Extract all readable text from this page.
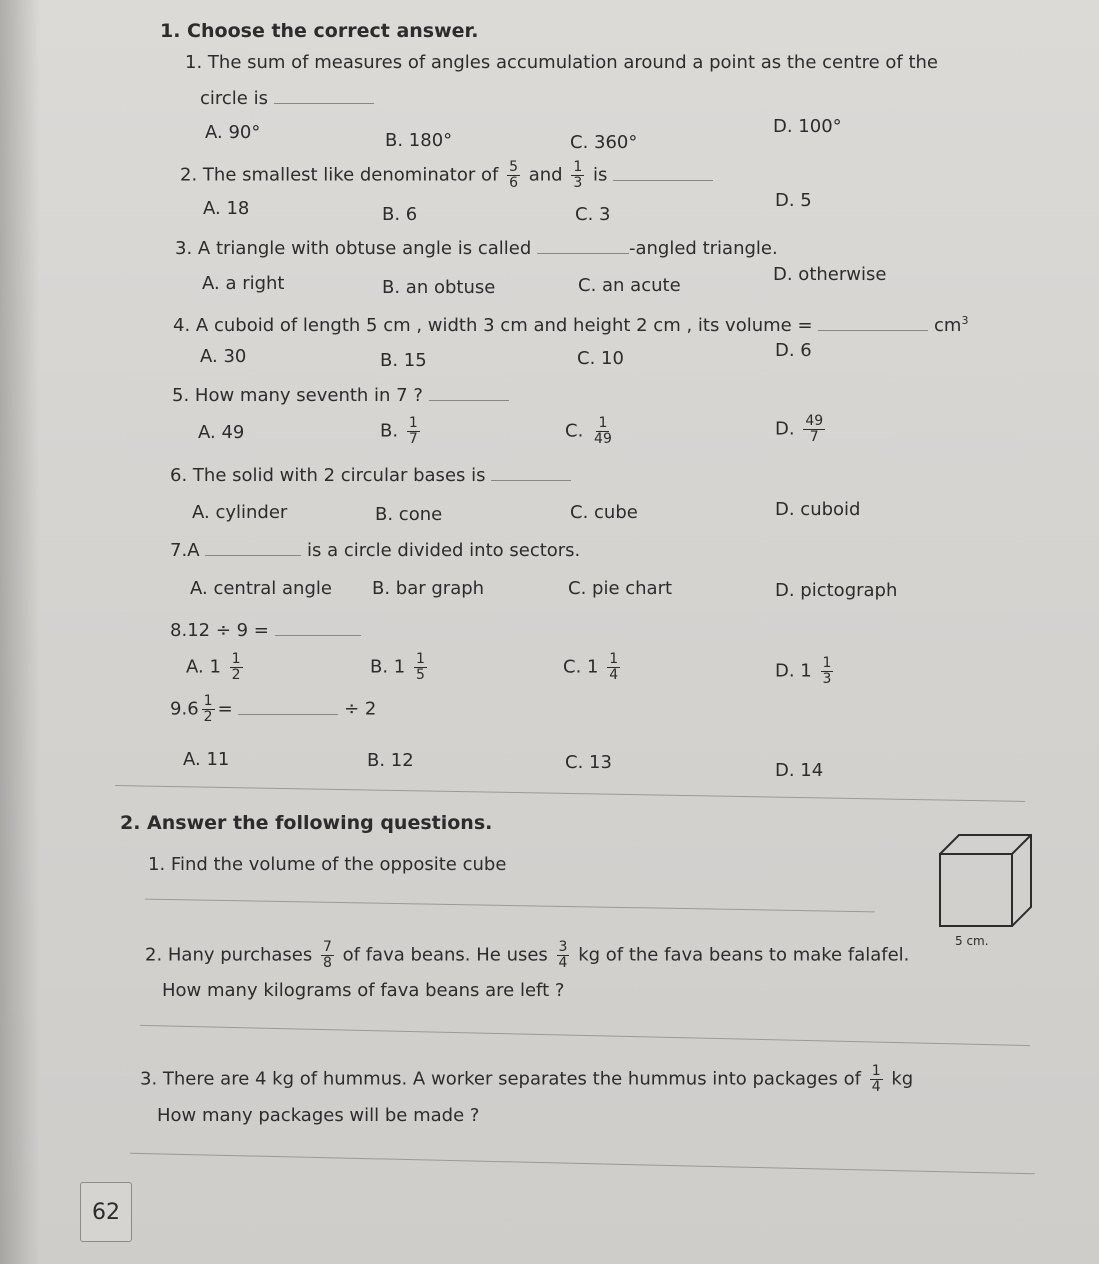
1. Choose the correct answer.
1. The sum of measures of angles accumulation around a point as the centre of the
circle is
A. 90°	B. 180°	C. 360°
D. 100°
2. The smallest like denominator of $\frac{5}{6}$ and $\frac{1}{3}$ is
A. 18	B. 6	C. 3
D. 5
3. A triangle with obtuse angle is called	-angled triangle.
A. a right	B. an obtuse	C. an acute
D. otherwise
4. A cuboid of length 5 cm , width 3 cm and height 2 cm , its volume =	$cm^3$
A. 30	B. 15	C. 10	D. 6
5. How many seventh in 7 ?
A. 49	B. $\frac{1}{7}$	C. $\frac{1}{49}$	D. $\frac{49}{7}$
6. The solid with 2 circular bases is
A. cylinder	B. cone	C. cube	D. cuboid
7.A	is a circle divided into sectors.
A. central angle B. bar graph	C. pie chart	D. pictograph
8.12 ÷ 9 =
A. $1 \frac{1}{2}$	B. $1 \frac{1}{5}$	C. $1 \frac{1}{4}$	D. $1 \frac{1}{3}$
$9.6 \frac{1}{2}$ =	÷ 2
A. 11	B. 12	C. 13	D. 14
2. Answer the following questions.
1. Find the volume of the opposite cube
5 cm.
2. Hany purchases $\frac{7}{8}$ of fava beans. He uses $\frac{3}{4}$ kg of the fava beans to make falafel.
How many kilograms of fava beans are left ?
3. There are 4 kg of hummus. A worker separates the hummus into packages of $\frac{1}{4}$ kg
How many packages will be made ?
62
